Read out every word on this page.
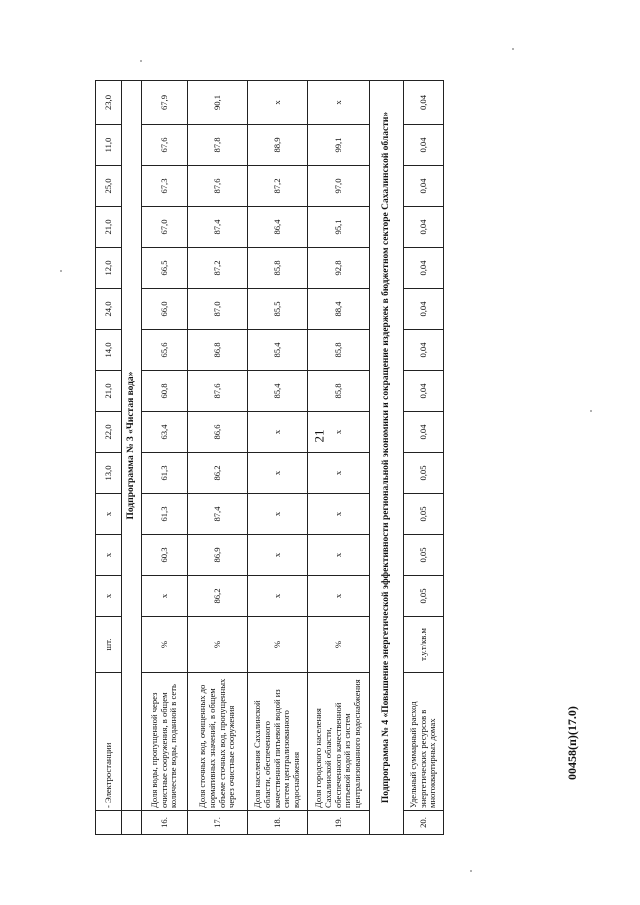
21
00458(п)(17.0)
	- Электростанции	шт.	x	x	x	13,0	22,0	21,0	14,0	24,0	12,0	21,0	25,0	11,0	23,0
	Подпрограмма № 3 «Чистая вода»														
16.	Доля воды, пропущенной через очистные сооружения, в общем количестве воды, поданной в сеть	%	x	60,3	61,3	61,3	63,4	60,8	65,6	66,0	66,5	67,0	67,3	67,6	67,9
17.	Доля сточных вод, очищенных до нормативных значений, в общем объеме сточных вод, пропущенных через очистные сооружения	%	86,2	86,9	87,4	86,2	86,6	87,6	86,8	87,0	87,2	87,4	87,6	87,8	90,1
18.	Доля населения Сахалинской области, обеспеченного качественной питьевой водой из систем централизованного водоснабжения	%	x	x	x	x	x	85,4	85,4	85,5	85,8	86,4	87,2	88,9	x
19.	Доля городского населения Сахалинской области, обеспеченного качественной питьевой водой из систем централизованного водоснабжения	%	x	x	x	x	x	85,8	85,8	88,4	92,8	95,1	97,0	99,1	x
Подпрограмма № 4 «Повышение энергетической эффективности региональной экономики и сокращение издержек в бюджетном секторе Сахалинской области»															
20.	Удельный суммарный расход энергетических ресурсов в многоквартирных домах	т.у.т/кв.м	0,05	0,05	0,05	0,05	0,04	0,04	0,04	0,04	0,04	0,04	0,04	0,04	0,04
